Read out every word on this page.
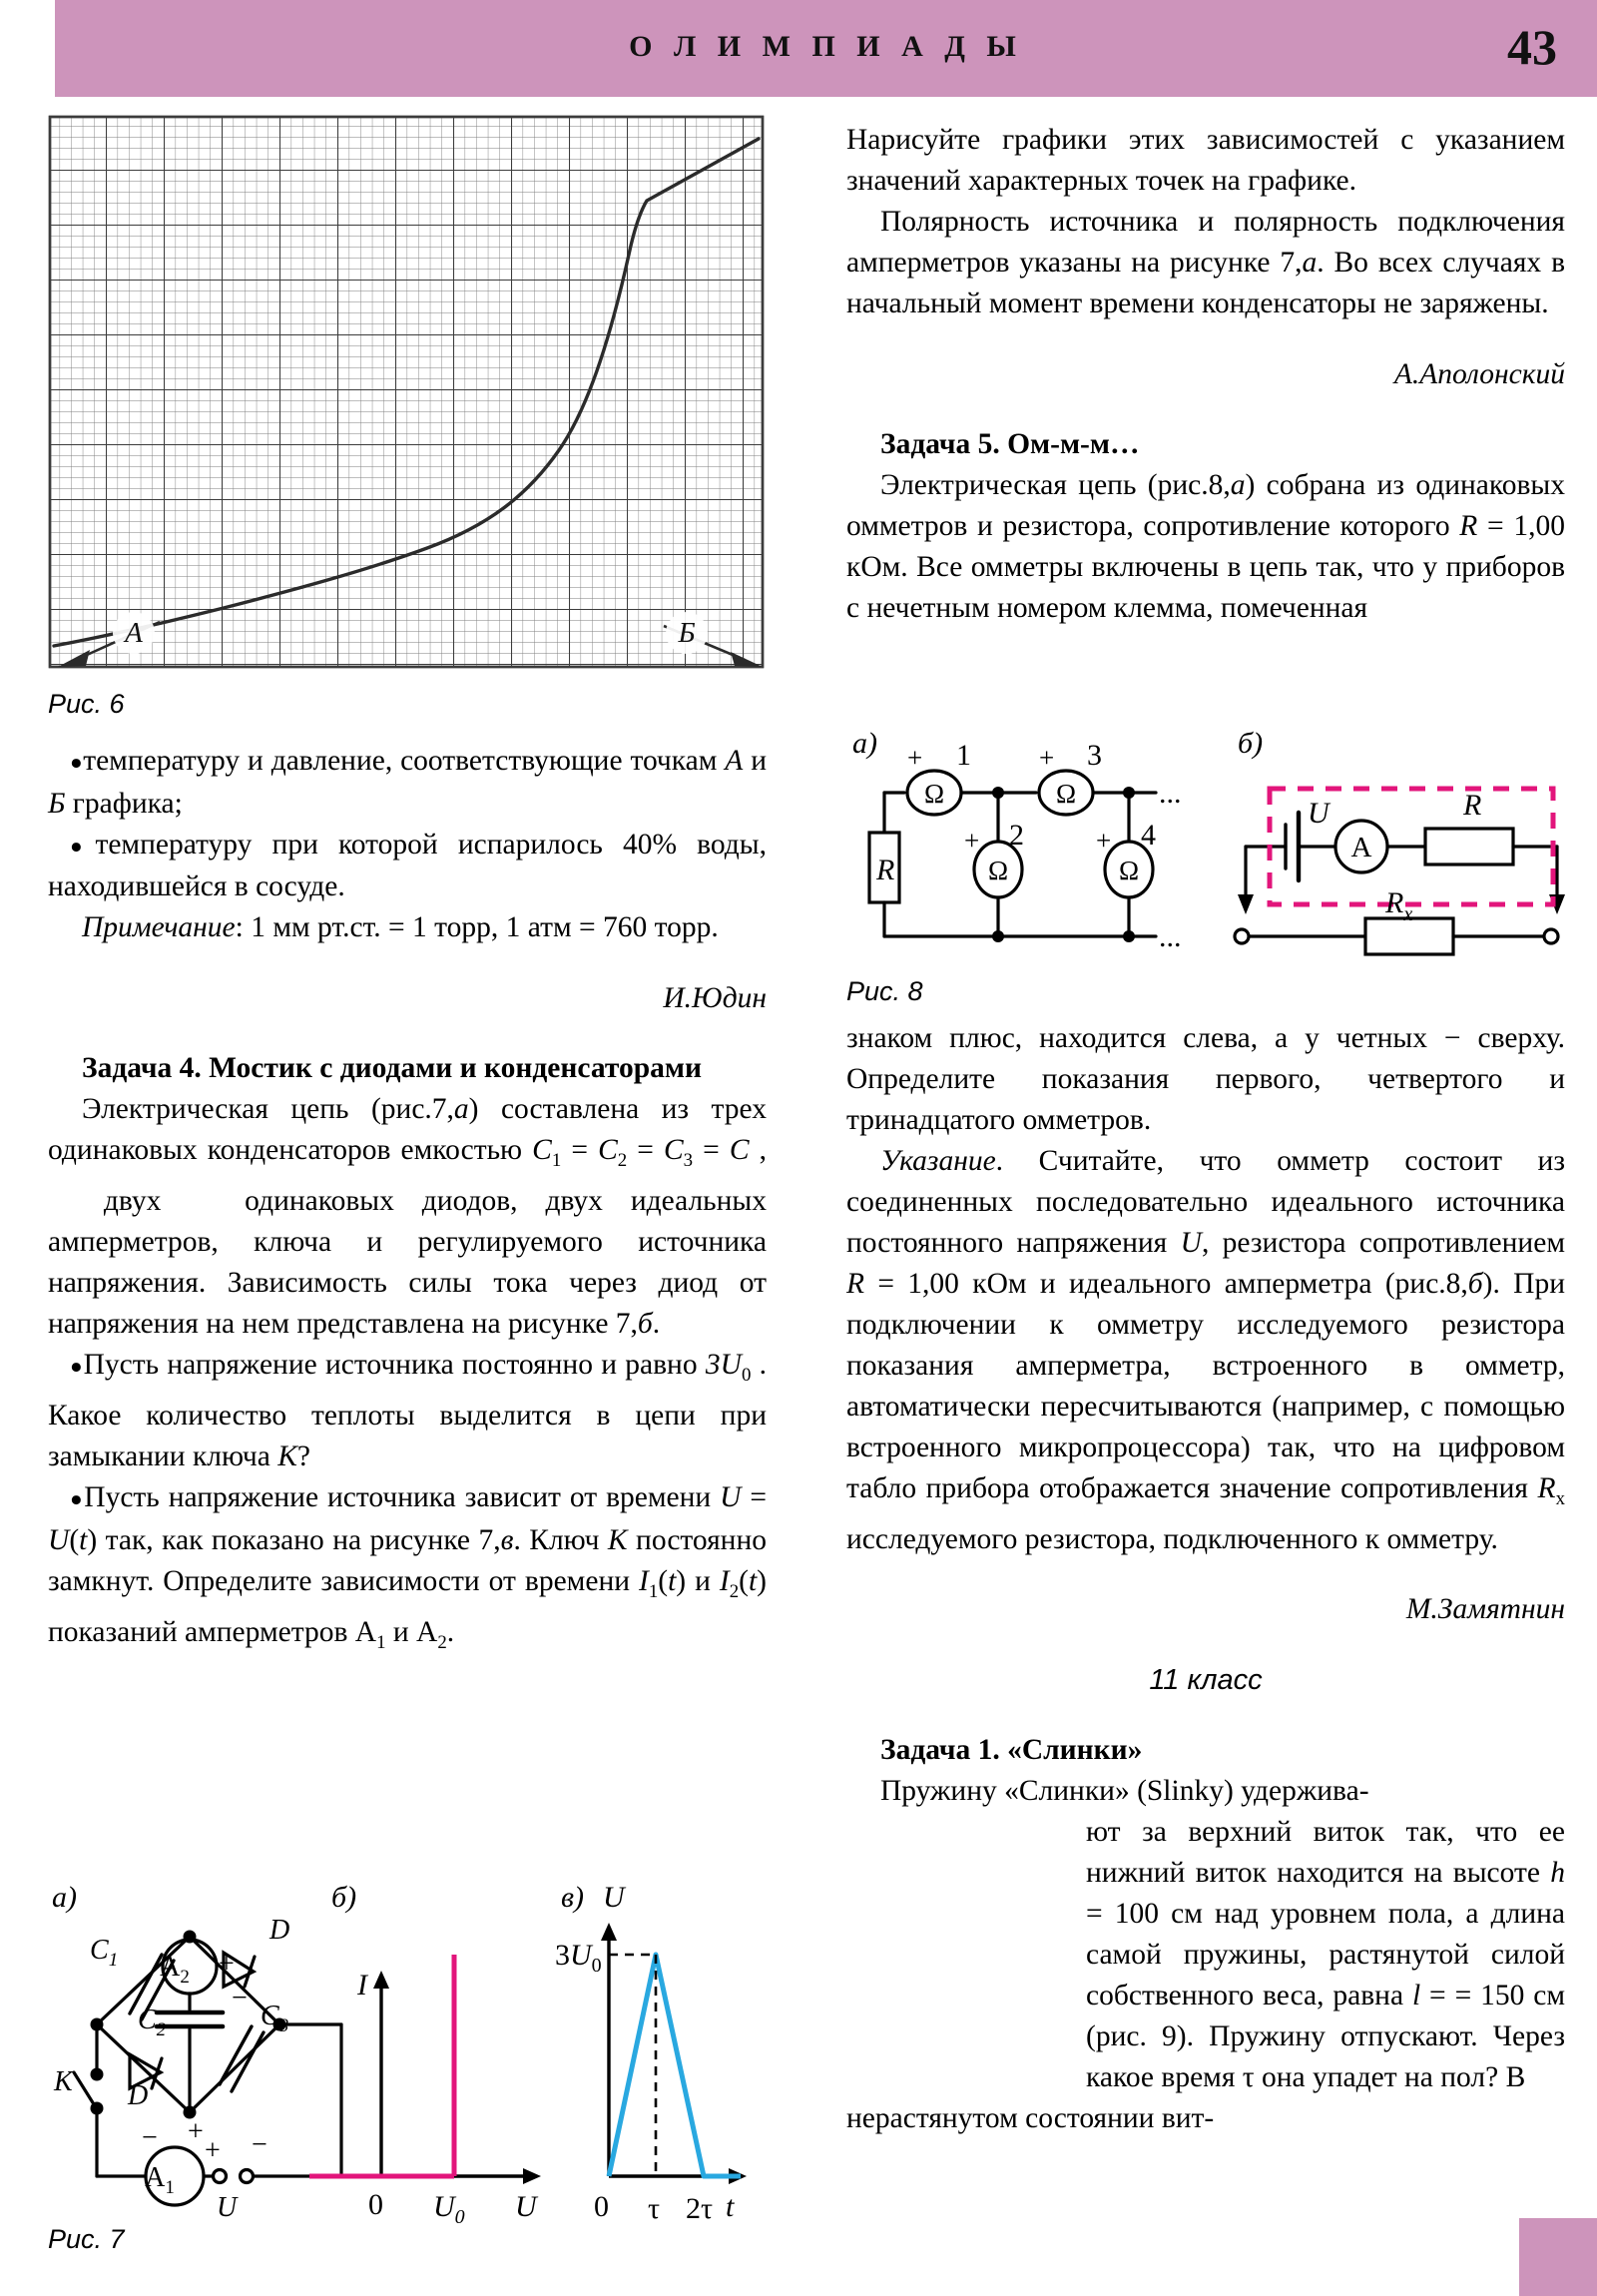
О Л И М П И А Д Ы	43
А	Б
Рис. 6

●температуру и давление, соответствующие точкам А и Б графика;

●температуру при которой испарилось 40% воды, находившейся в сосуде.

Примечание: 1 мм рт.ст. = 1 торр, 1 атм = 760 торр.

И.Юдин

Задача 4. Мостик с диодами и конденсаторами

Электрическая цепь (рис.7,а) составлена из трех одинаковых конденсаторов емкостью $C_1 = C_2 = C_3 = C$ ,   двух   одинаковых диодов, двух идеальных амперметров, ключа и регулируемого источника напряжения. Зависимость силы тока через диод от напряжения на нем представлена на рисунке 7,б.

●Пусть напряжение источника постоянно и равно $3U_0$ . Какое количество теплоты выделится в цепи при замыкании ключа K?

●Пусть напряжение источника зависит от времени U = U(t) так, как показано на рисунке 7,в. Ключ K постоянно замкнут. Определите зависимости от времени $I_1(t)$ и $I_2(t)$ показаний амперметров $A_1$ и $A_2$.

а)
$C_1$
$C_2$	$C_3$
D
D
$A_2$
$A_1$
K
U
+
−
− +
+ −
б)
I
0 $U_0$ U
в) U
$3U_0$
0 τ 2τ t
Рис. 7

Нарисуйте графики этих зависимостей с указанием значений характерных точек на графике.

Полярность источника и полярность подключения амперметров указаны на рисунке 7,а. Во всех случаях в начальный момент времени конденсаторы не заряжены.

А.Аполонский

Задача 5. Ом-м-м…

Электрическая цепь (рис.8,а) собрана из одинаковых омметров и резистора, сопротивление которого R = 1,00 кОм. Все омметры включены в цепь так, что у приборов с нечетным номером клемма, помеченная

а)
Ω	Ω
Ω	Ω
R
+ 1	+ 3
+ 2	+ 4
...
...
б)
U	R
$R_x$
A
Рис. 8

знаком плюс, находится слева, а у четных − сверху. Определите показания первого, четвертого и тринадцатого омметров.

Указание. Считайте, что омметр состоит из соединенных последовательно идеального источника постоянного напряжения U, резистора сопротивлением R = 1,00 кОм и идеального амперметра (рис.8,б). При подключении к омметру исследуемого резистора показания амперметра, встроенного в омметр, автоматически пересчитываются (например, с помощью встроенного микропроцессора) так, что на цифровом табло прибора отображается значение сопротивления $R_x$ исследуемого резистора, подключенного к омметру.

М.Замятнин

11 класс

Задача 1. «Слинки»

Пружину «Слинки» (Slinky) удержива-

ют за верхний виток так, что ее нижний виток находится на высоте h = 100 см над уровнем пола, а длина самой пружины, растянутой силой собственного веса, равна l = = 150 см (рис. 9). Пружину отпускают. Через какое время τ она упадет на пол? В

нерастянутом состоянии вит-
